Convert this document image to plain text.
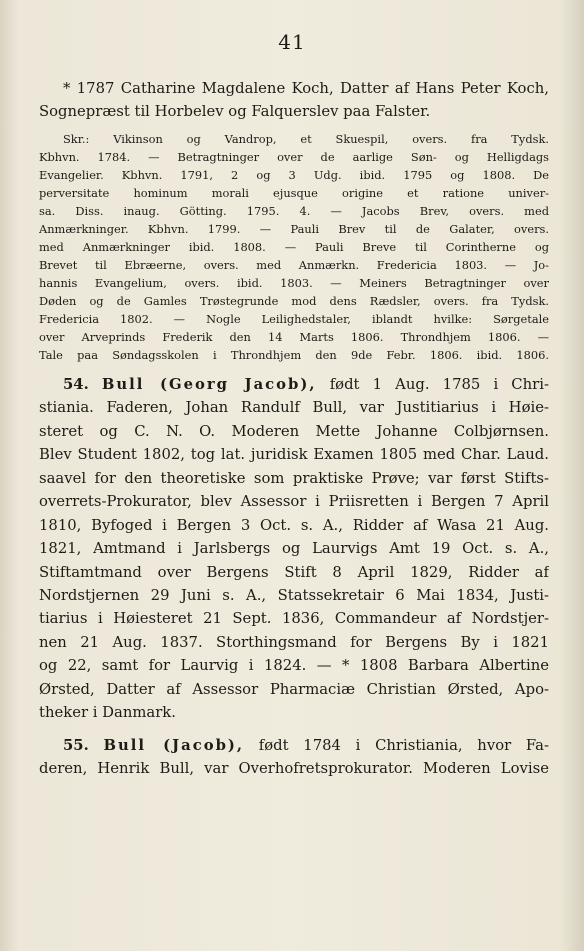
41
* 1787 Catharine Magdalene Koch, Datter af Hans Peter Koch,
Sognepræst til Horbelev og Falquerslev paa Falster.
Skr.: Vikinson og Vandrop, et Skuespil, overs. fra Tydsk.
Kbhvn. 1784. — Betragtninger over de aarlige Søn- og Helligdags
Evangelier. Kbhvn. 1791, 2 og 3 Udg. ibid. 1795 og 1808. De
perversitate hominum morali ejusque origine et ratione univer-
sa. Diss. inaug. Götting. 1795. 4. — Jacobs Brev, overs. med
Anmærkninger. Kbhvn. 1799. — Pauli Brev til de Galater, overs.
med Anmærkninger ibid. 1808. — Pauli Breve til Corintherne og
Brevet til Ebræerne, overs. med Anmærkn. Fredericia 1803. — Jo-
hannis Evangelium, overs. ibid. 1803. — Meiners Betragtninger over
Døden og de Gamles Trøstegrunde mod dens Rædsler, overs. fra Tydsk.
Fredericia 1802. — Nogle Leilighedstaler, iblandt hvilke: Sørgetale
over Arveprinds Frederik den 14 Marts 1806. Throndhjem 1806. —
Tale paa Søndagsskolen i Throndhjem den 9de Febr. 1806. ibid. 1806.
54. Bull (Georg Jacob), født 1 Aug. 1785 i Chri-
stiania. Faderen, Johan Randulf Bull, var Justitiarius i Høie-
steret og C. N. O. Moderen Mette Johanne Colbjørnsen.
Blev Student 1802, tog lat. juridisk Examen 1805 med Char. Laud.
saavel for den theoretiske som praktiske Prøve; var først Stifts-
overrets-Prokurator, blev Assessor i Priisretten i Bergen 7 April
1810, Byfoged i Bergen 3 Oct. s. A., Ridder af Wasa 21 Aug.
1821, Amtmand i Jarlsbergs og Laurvigs Amt 19 Oct. s. A.,
Stiftamtmand over Bergens Stift 8 April 1829, Ridder af
Nordstjernen 29 Juni s. A., Statssekretair 6 Mai 1834, Justi-
tiarius i Høiesteret 21 Sept. 1836, Commandeur af Nordstjer-
nen 21 Aug. 1837. Storthingsmand for Bergens By i 1821
og 22, samt for Laurvig i 1824. — * 1808 Barbara Albertine
Ørsted, Datter af Assessor Pharmaciæ Christian Ørsted, Apo-
theker i Danmark.
55. Bull (Jacob), født 1784 i Christiania, hvor Fa-
deren, Henrik Bull, var Overhofretsprokurator. Moderen Lovise
